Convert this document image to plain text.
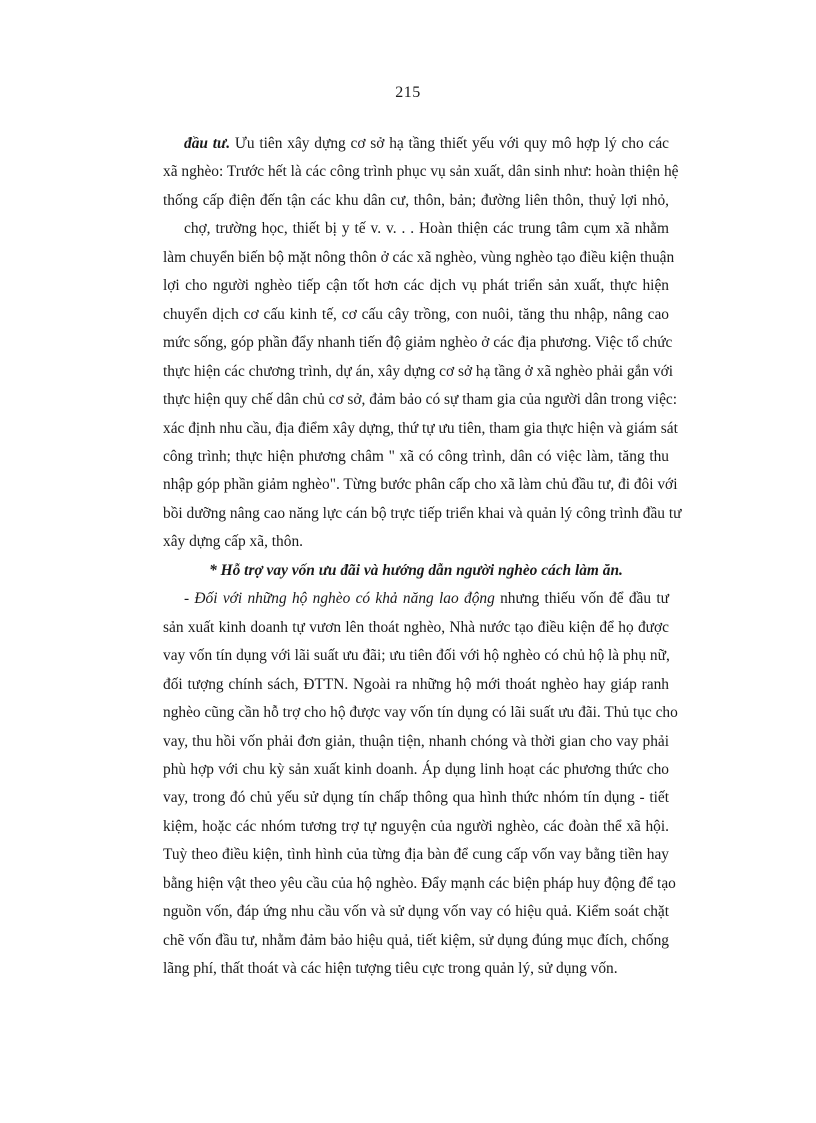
215
đầu tư. Ưu tiên xây dựng cơ sở hạ tầng thiết yếu với quy mô hợp lý cho các
xã nghèo: Trước hết là các công trình phục vụ sản xuất, dân sinh như: hoàn thiện hệ
thống cấp điện đến tận các khu dân cư, thôn, bản; đường liên thôn, thuỷ lợi nhỏ,
chợ, trường học, thiết bị y tế v. v. . . Hoàn thiện các trung tâm cụm xã nhằm
làm chuyển biến bộ mặt nông thôn ở các xã nghèo, vùng nghèo tạo điều kiện thuận
lợi cho người nghèo tiếp cận tốt hơn các dịch vụ phát triển sản xuất, thực hiện
chuyển dịch cơ cấu kinh tế, cơ cấu cây trồng, con nuôi, tăng thu nhập, nâng cao
mức sống, góp phần đẩy nhanh tiến độ giảm nghèo ở các địa phương. Việc tổ chức
thực hiện các chương trình, dự án, xây dựng cơ sở hạ tầng ở xã nghèo phải gắn với
thực hiện quy chế dân chủ cơ sở, đảm bảo có sự tham gia của người dân trong việc:
xác định nhu cầu, địa điểm xây dựng, thứ tự ưu tiên, tham gia thực hiện và giám sát
công trình; thực hiện phương châm " xã có công trình, dân có việc làm, tăng thu
nhập góp phần giảm nghèo". Từng bước phân cấp cho xã làm chủ đầu tư, đi đôi với
bồi dưỡng nâng cao năng lực cán bộ trực tiếp triển khai và quản lý công trình đầu tư
xây dựng cấp xã, thôn.
* Hỗ trợ vay vốn ưu đãi và hướng dẫn người nghèo cách làm ăn.
- Đối với những hộ nghèo có khả năng lao động nhưng thiếu vốn để đầu tư
sản xuất kinh doanh tự vươn lên thoát nghèo, Nhà nước tạo điều kiện để họ được
vay vốn tín dụng với lãi suất ưu đãi; ưu tiên đối với hộ nghèo có chủ hộ là phụ nữ,
đối tượng chính sách, ĐTTN. Ngoài ra những hộ mới thoát nghèo hay giáp ranh
nghèo cũng cần hỗ trợ cho hộ được vay vốn tín dụng có lãi suất ưu đãi. Thủ tục cho
vay, thu hồi vốn phải đơn giản, thuận tiện, nhanh chóng và thời gian cho vay phải
phù hợp với chu kỳ sản xuất kinh doanh. Áp dụng linh hoạt các phương thức cho
vay, trong đó chủ yếu sử dụng tín chấp thông qua hình thức nhóm tín dụng - tiết
kiệm, hoặc các nhóm tương trợ tự nguyện của người nghèo, các đoàn thể xã hội.
Tuỳ theo điều kiện, tình hình của từng địa bàn để cung cấp vốn vay bằng tiền hay
bằng hiện vật theo yêu cầu của hộ nghèo. Đẩy mạnh các biện pháp huy động để tạo
nguồn vốn, đáp ứng nhu cầu vốn và sử dụng vốn vay có hiệu quả. Kiểm soát chặt
chẽ vốn đầu tư, nhằm đảm bảo hiệu quả, tiết kiệm, sử dụng đúng mục đích, chống
lãng phí, thất thoát và các hiện tượng tiêu cực trong quản lý, sử dụng vốn.
